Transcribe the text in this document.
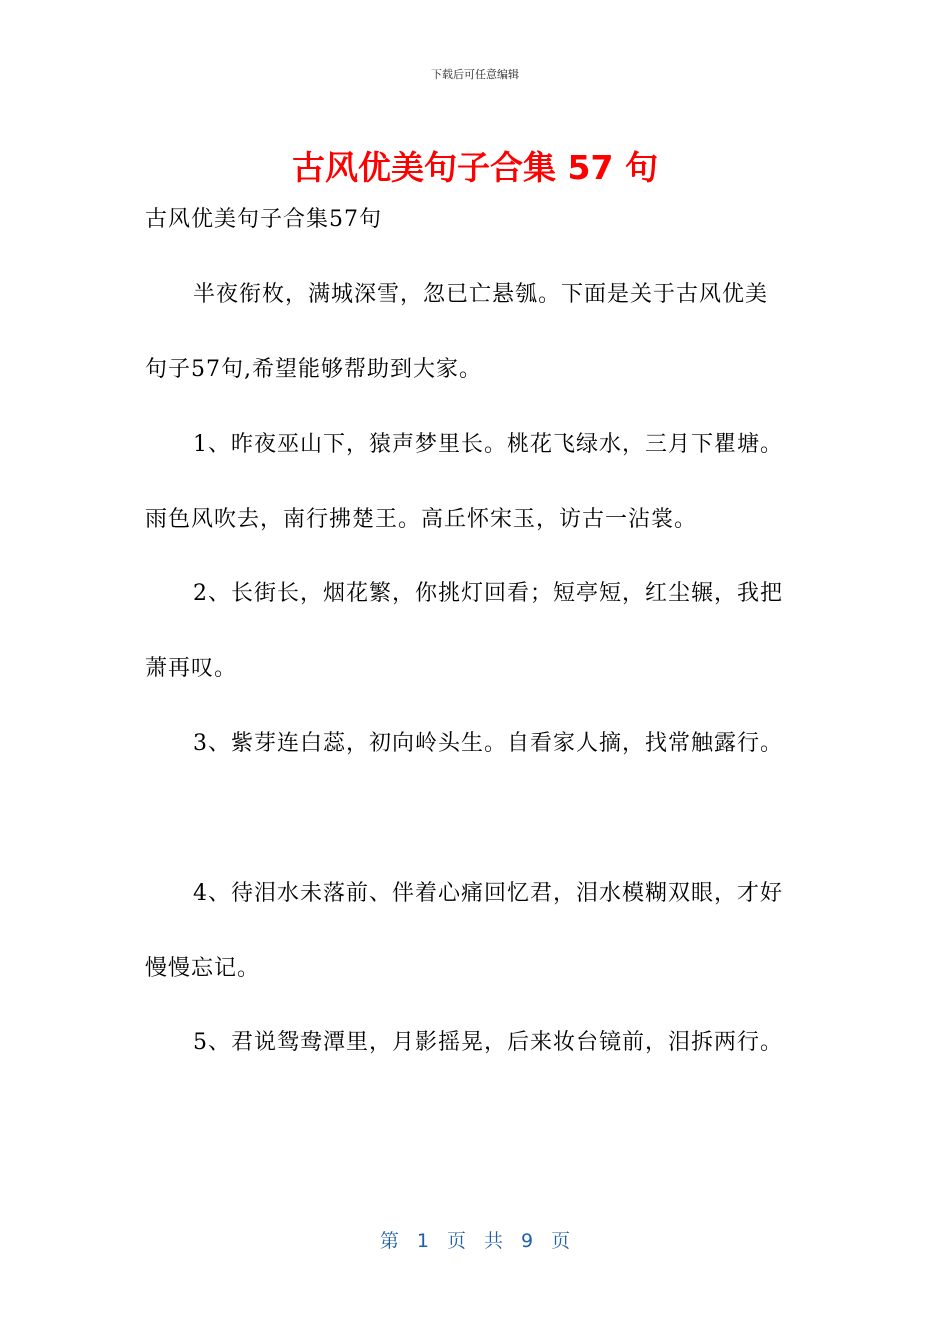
下载后可任意编辑
古风优美句子合集 57 句
古风优美句子合集57句
半夜衔枚，满城深雪，忽已亡悬瓠。下面是关于古风优美
句子57句,希望能够帮助到大家。
1、昨夜巫山下，猿声梦里长。桃花飞绿水，三月下瞿塘。
雨色风吹去，南行拂楚王。高丘怀宋玉，访古一沾裳。
2、长街长，烟花繁，你挑灯回看；短亭短，红尘辗，我把
萧再叹。
3、紫芽连白蕊，初向岭头生。自看家人摘，找常触露行。
4、待泪水未落前、伴着心痛回忆君，泪水模糊双眼，才好
慢慢忘记。
5、君说鸳鸯潭里，月影摇晃，后来妆台镜前，泪拆两行。
第 1 页 共 9 页
